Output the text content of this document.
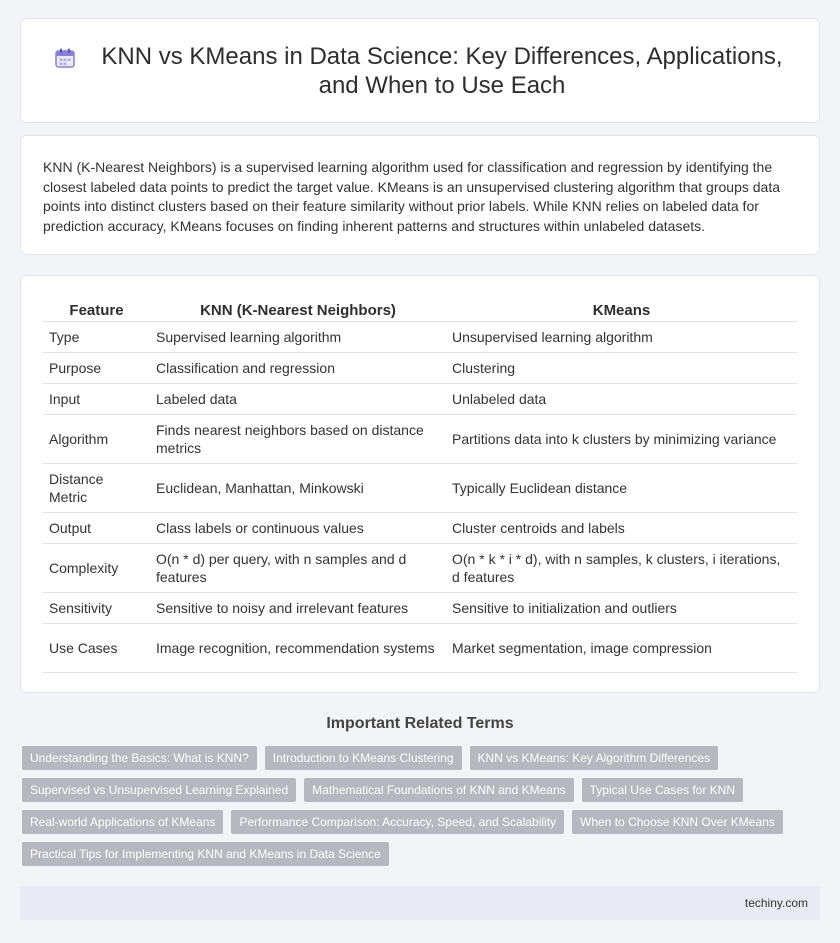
KNN vs KMeans in Data Science: Key Differences, Applications, and When to Use Each

KNN (K-Nearest Neighbors) is a supervised learning algorithm used for classification and regression by identifying the closest labeled data points to predict the target value. KMeans is an unsupervised clustering algorithm that groups data points into distinct clusters based on their feature similarity without prior labels. While KNN relies on labeled data for prediction accuracy, KMeans focuses on finding inherent patterns and structures within unlabeled datasets.

Feature	KNN (K-Nearest Neighbors)	KMeans
Type	Supervised learning algorithm	Unsupervised learning algorithm
Purpose	Classification and regression	Clustering
Input	Labeled data	Unlabeled data
Algorithm	Finds nearest neighbors based on distance metrics	Partitions data into k clusters by minimizing variance
Distance Metric	Euclidean, Manhattan, Minkowski	Typically Euclidean distance
Output	Class labels or continuous values	Cluster centroids and labels
Complexity	O(n * d) per query, with n samples and d features	O(n * k * i * d), with n samples, k clusters, i iterations, d features
Sensitivity	Sensitive to noisy and irrelevant features	Sensitive to initialization and outliers
Use Cases	Image recognition, recommendation systems	Market segmentation, image compression
Important Related Terms
Understanding the Basics: What is KNN?	Introduction to KMeans Clustering	KNN vs KMeans: Key Algorithm Differences
Supervised vs Unsupervised Learning Explained	Mathematical Foundations of KNN and KMeans	Typical Use Cases for KNN
Real-world Applications of KMeans	Performance Comparison: Accuracy, Speed, and Scalability	When to Choose KNN Over KMeans
Practical Tips for Implementing KNN and KMeans in Data Science
techiny.com
